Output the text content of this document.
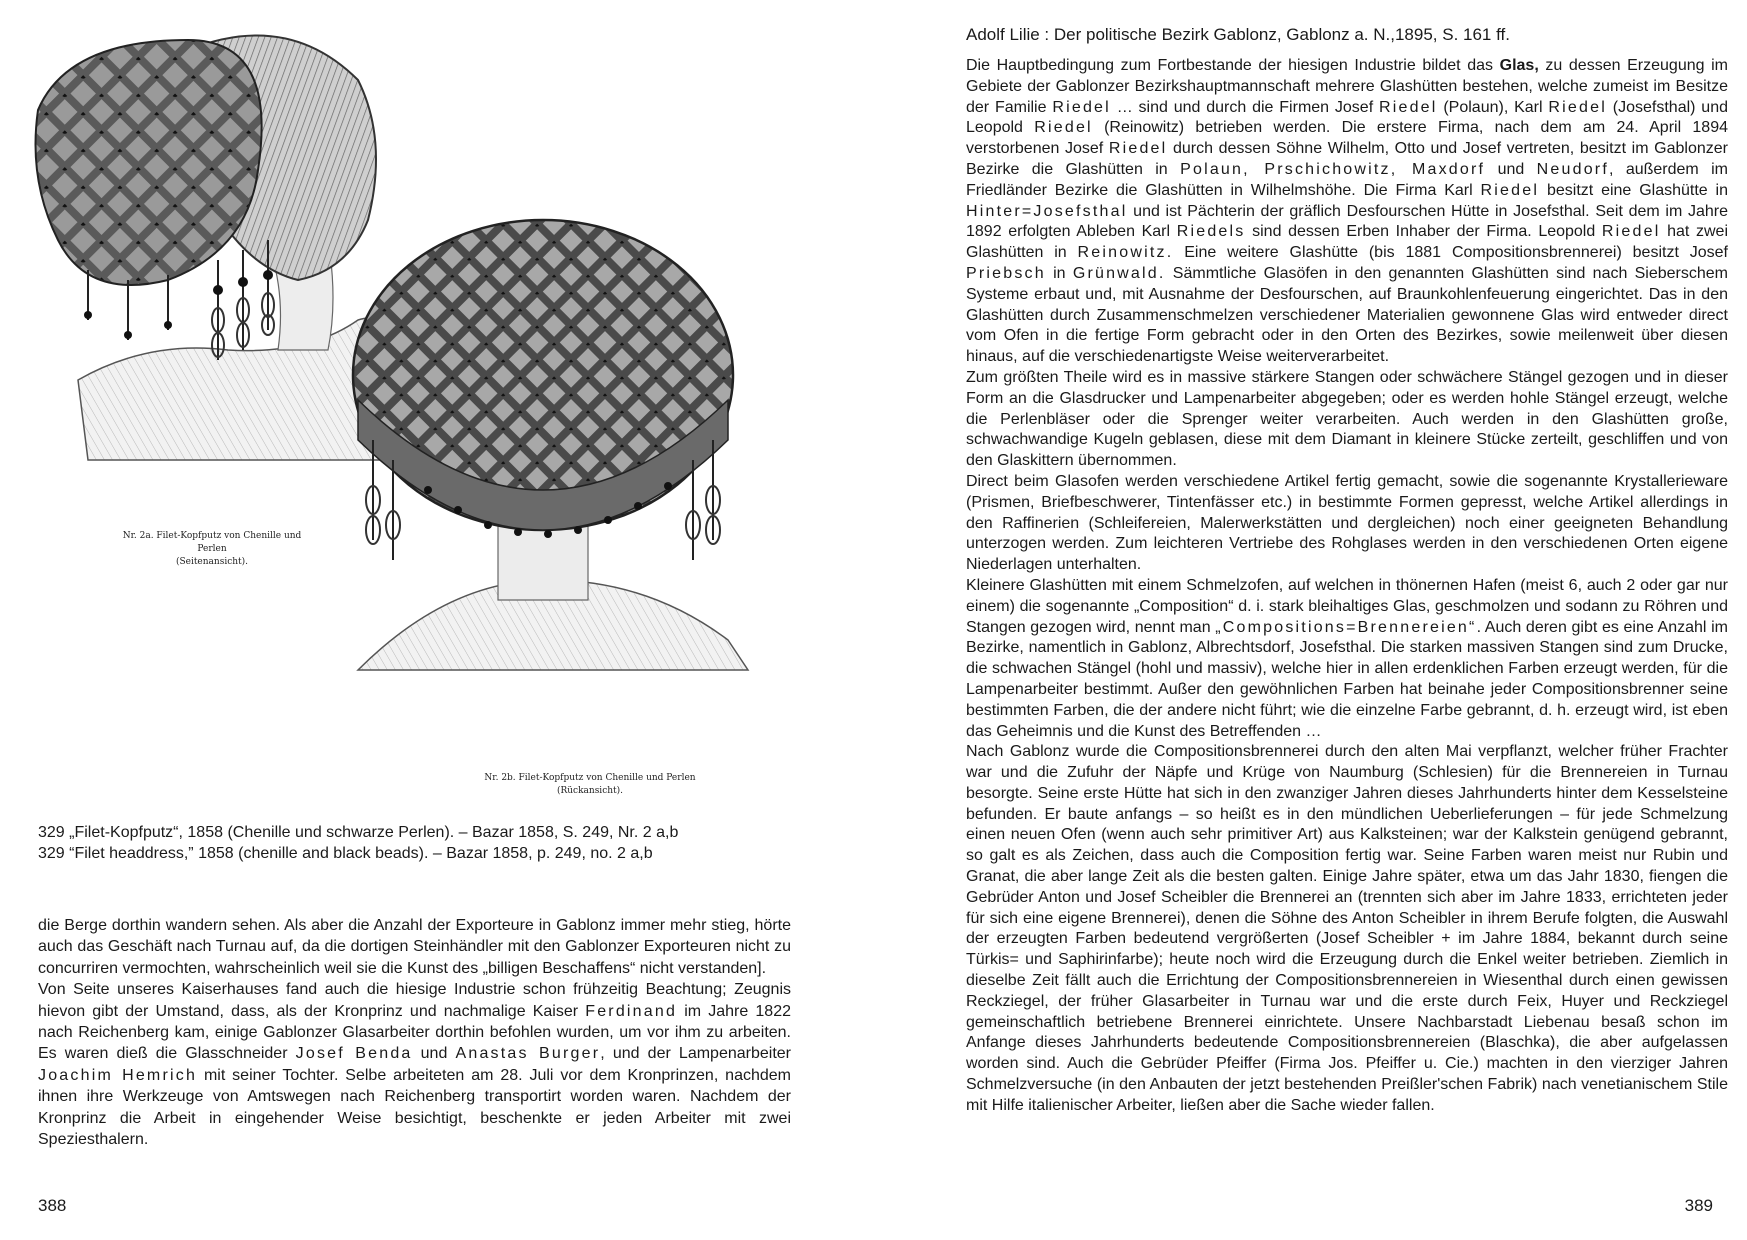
Nr. 2a. Filet-Kopfputz von Chenille und Perlen
(Seitenansicht).
Nr. 2b. Filet-Kopfputz von Chenille und Perlen
(Rückansicht).

329 „Filet-Kopfputz“, 1858 (Chenille und schwarze Perlen). – Bazar 1858, S. 249, Nr. 2 a,b

329 “Filet headdress,” 1858 (chenille and black beads). – Bazar 1858, p. 249, no. 2 a,b

die Berge dorthin wandern sehen. Als aber die Anzahl der Exporteure in Gablonz immer mehr stieg, hörte auch das Geschäft nach Turnau auf, da die dortigen Steinhändler mit den Gablonzer Exporteuren nicht zu concurriren vermochten, wahrscheinlich weil sie die Kunst des „billigen Beschaffens“ nicht verstanden].

Von Seite unseres Kaiserhauses fand auch die hiesige Industrie schon frühzeitig Beachtung; Zeugnis hievon gibt der Umstand, dass, als der Kronprinz und nachmalige Kaiser Ferdinand im Jahre 1822 nach Reichenberg kam, einige Gablonzer Glasarbeiter dorthin befohlen wurden, um vor ihm zu arbeiten. Es waren dieß die Glasschneider Josef Benda und Anastas Burger, und der Lampenarbeiter Joachim Hemrich mit seiner Tochter. Selbe arbeiteten am 28. Juli vor dem Kronprinzen, nachdem ihnen ihre Werkzeuge von Amtswegen nach Reichenberg transportirt worden waren. Nachdem der Kronprinz die Arbeit in eingehender Weise besichtigt, beschenkte er jeden Arbeiter mit zwei Speziesthalern.

388
Adolf Lilie : Der politische Bezirk Gablonz, Gablonz a. N.,1895, S. 161 ff.

Die Hauptbedingung zum Fortbestande der hiesigen Industrie bildet das Glas, zu dessen Erzeugung im Gebiete der Gablonzer Bezirkshauptmannschaft mehrere Glashütten bestehen, welche zumeist im Besitze der Familie Riedel … sind und durch die Firmen Josef Riedel (Polaun), Karl Riedel (Josefsthal) und Leopold Riedel (Reinowitz) betrieben werden. Die erstere Firma, nach dem am 24. April 1894 verstorbenen Josef Riedel durch dessen Söhne Wilhelm, Otto und Josef vertreten, besitzt im Gablonzer Bezirke die Glashütten in Polaun, Prschichowitz, Maxdorf und Neudorf, außerdem im Friedländer Bezirke die Glashütten in Wilhelmshöhe. Die Firma Karl Riedel besitzt eine Glashütte in Hinter=Josefsthal und ist Pächterin der gräflich Desfourschen Hütte in Josefsthal. Seit dem im Jahre 1892 erfolgten Ableben Karl Riedels sind dessen Erben Inhaber der Firma. Leopold Riedel hat zwei Glashütten in Reinowitz. Eine weitere Glashütte (bis 1881 Compositionsbrennerei) besitzt Josef Priebsch in Grünwald. Sämmtliche Glasöfen in den genannten Glashütten sind nach Sieberschem Systeme erbaut und, mit Ausnahme der Desfourschen, auf Braunkohlenfeuerung eingerichtet. Das in den Glashütten durch Zusammenschmelzen verschiedener Materialien gewonnene Glas wird entweder direct vom Ofen in die fertige Form gebracht oder in den Orten des Bezirkes, sowie meilenweit über diesen hinaus, auf die verschiedenartigste Weise weiterverarbeitet.

Zum größten Theile wird es in massive stärkere Stangen oder schwächere Stängel gezogen und in dieser Form an die Glasdrucker und Lampenarbeiter abgegeben; oder es werden hohle Stängel erzeugt, welche die Perlenbläser oder die Sprenger weiter verarbeiten. Auch werden in den Glashütten große, schwachwandige Kugeln geblasen, diese mit dem Diamant in kleinere Stücke zerteilt, geschliffen und von den Glaskittern übernommen.

Direct beim Glasofen werden verschiedene Artikel fertig gemacht, sowie die sogenannte Krystallerieware (Prismen, Briefbeschwerer, Tintenfässer etc.) in bestimmte Formen gepresst, welche Artikel allerdings in den Raffinerien (Schleifereien, Malerwerkstätten und dergleichen) noch einer geeigneten Behandlung unterzogen werden. Zum leichteren Vertriebe des Rohglases werden in den verschiedenen Orten eigene Niederlagen unterhalten.

Kleinere Glashütten mit einem Schmelzofen, auf welchen in thönernen Hafen (meist 6, auch 2 oder gar nur einem) die sogenannte „Composition“ d. i. stark bleihaltiges Glas, geschmolzen und sodann zu Röhren und Stangen gezogen wird, nennt man „Compositions=Brennereien“. Auch deren gibt es eine Anzahl im Bezirke, namentlich in Gablonz, Albrechtsdorf, Josefsthal. Die starken massiven Stangen sind zum Drucke, die schwachen Stängel (hohl und massiv), welche hier in allen erdenklichen Farben erzeugt werden, für die Lampenarbeiter bestimmt. Außer den gewöhnlichen Farben hat beinahe jeder Compositionsbrenner seine bestimmten Farben, die der andere nicht führt; wie die einzelne Farbe gebrannt, d. h. erzeugt wird, ist eben das Geheimnis und die Kunst des Betreffenden …

Nach Gablonz wurde die Compositionsbrennerei durch den alten Mai verpflanzt, welcher früher Frachter war und die Zufuhr der Näpfe und Krüge von Naumburg (Schlesien) für die Brennereien in Turnau besorgte. Seine erste Hütte hat sich in den zwanziger Jahren dieses Jahrhunderts hinter dem Kesselsteine befunden. Er baute anfangs – so heißt es in den mündlichen Ueberlieferungen – für jede Schmelzung einen neuen Ofen (wenn auch sehr primitiver Art) aus Kalksteinen; war der Kalkstein genügend gebrannt, so galt es als Zeichen, dass auch die Composition fertig war. Seine Farben waren meist nur Rubin und Granat, die aber lange Zeit als die besten galten. Einige Jahre später, etwa um das Jahr 1830, fiengen die Gebrüder Anton und Josef Scheibler die Brennerei an (trennten sich aber im Jahre 1833, errichteten jeder für sich eine eigene Brennerei), denen die Söhne des Anton Scheibler in ihrem Berufe folgten, die Auswahl der erzeugten Farben bedeutend vergrößerten (Josef Scheibler + im Jahre 1884, bekannt durch seine Türkis= und Saphirinfarbe); heute noch wird die Erzeugung durch die Enkel weiter betrieben. Ziemlich in dieselbe Zeit fällt auch die Errichtung der Compositionsbrennereien in Wiesenthal durch einen gewissen Reckziegel, der früher Glasarbeiter in Turnau war und die erste durch Feix, Huyer und Reckziegel gemeinschaftlich betriebene Brennerei einrichtete. Unsere Nachbarstadt Liebenau besaß schon im Anfange dieses Jahrhunderts bedeutende Compositionsbrennereien (Blaschka), die aber aufgelassen worden sind. Auch die Gebrüder Pfeiffer (Firma Jos. Pfeiffer u. Cie.) machten in den vierziger Jahren Schmelzversuche (in den Anbauten der jetzt bestehenden Preißler'schen Fabrik) nach venetianischem Stile mit Hilfe italienischer Arbeiter, ließen aber die Sache wieder fallen.

389
